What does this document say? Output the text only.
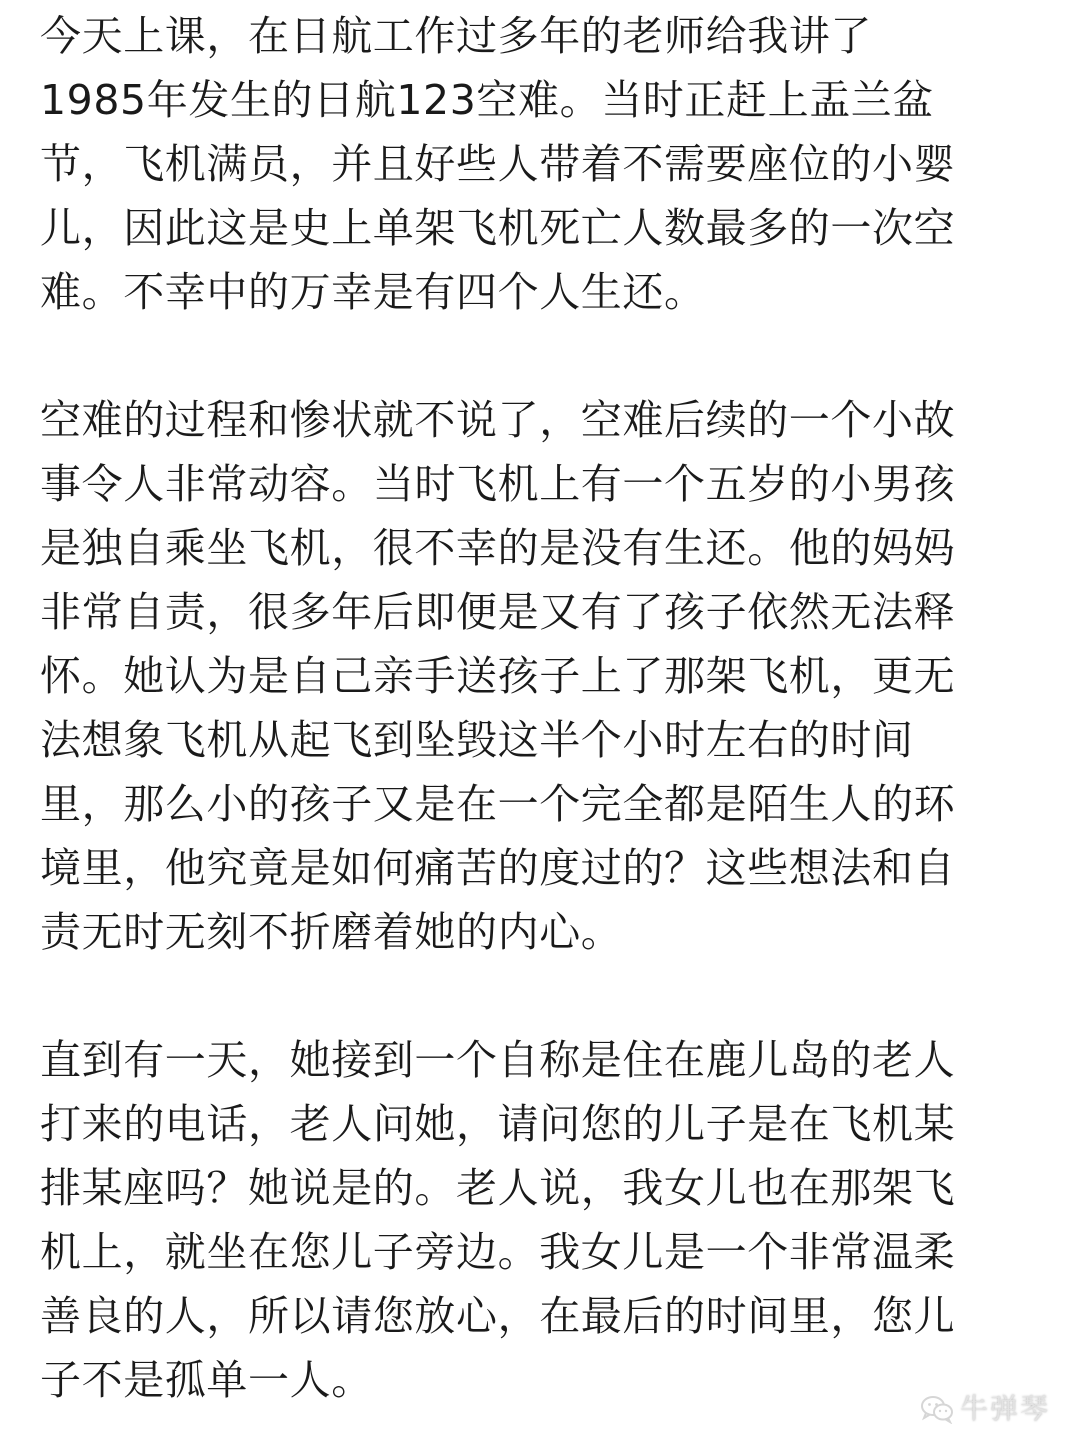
今天上课，在日航工作过多年的老师给我讲了
1985年发生的日航123空难。当时正赶上盂兰盆
节，飞机满员，并且好些人带着不需要座位的小婴
儿，因此这是史上单架飞机死亡人数最多的一次空
难。不幸中的万幸是有四个人生还。
空难的过程和惨状就不说了，空难后续的一个小故
事令人非常动容。当时飞机上有一个五岁的小男孩
是独自乘坐飞机，很不幸的是没有生还。他的妈妈
非常自责，很多年后即便是又有了孩子依然无法释
怀。她认为是自己亲手送孩子上了那架飞机，更无
法想象飞机从起飞到坠毁这半个小时左右的时间
里，那么小的孩子又是在一个完全都是陌生人的环
境里，他究竟是如何痛苦的度过的？这些想法和自
责无时无刻不折磨着她的内心。
直到有一天，她接到一个自称是住在鹿儿岛的老人
打来的电话，老人问她，请问您的儿子是在飞机某
排某座吗？她说是的。老人说，我女儿也在那架飞
机上，就坐在您儿子旁边。我女儿是一个非常温柔
善良的人，所以请您放心，在最后的时间里，您儿
子不是孤单一人。
牛弹琴
